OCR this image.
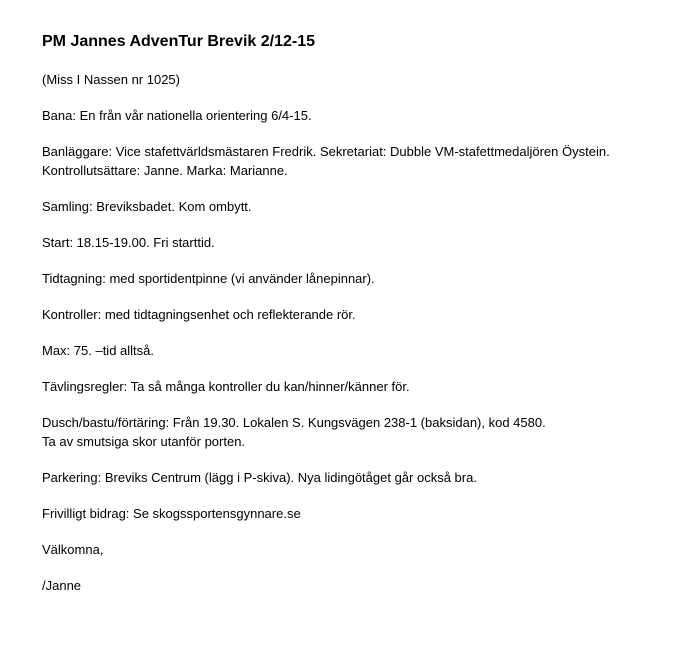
PM Jannes AdvenTur Brevik 2/12-15
(Miss I Nassen nr 1025)
Bana: En från vår nationella orientering 6/4-15.
Banläggare: Vice stafettvärldsmästaren Fredrik. Sekretariat: Dubble VM-stafettmedaljören Öystein.
Kontrollutsättare: Janne. Marka: Marianne.
Samling: Breviksbadet. Kom ombytt.
Start: 18.15-19.00. Fri starttid.
Tidtagning: med sportidentpinne (vi använder lånepinnar).
Kontroller: med tidtagningsenhet och reflekterande rör.
Max: 75. –tid alltså.
Tävlingsregler: Ta så många kontroller du kan/hinner/känner för.
Dusch/bastu/förtäring: Från 19.30. Lokalen S. Kungsvägen 238-1 (baksidan), kod 4580.
Ta av smutsiga skor utanför porten.
Parkering: Breviks Centrum (lägg i P-skiva). Nya lidingötåget går också bra.
Frivilligt bidrag: Se skogssportensgynnare.se
Välkomna,
/Janne
